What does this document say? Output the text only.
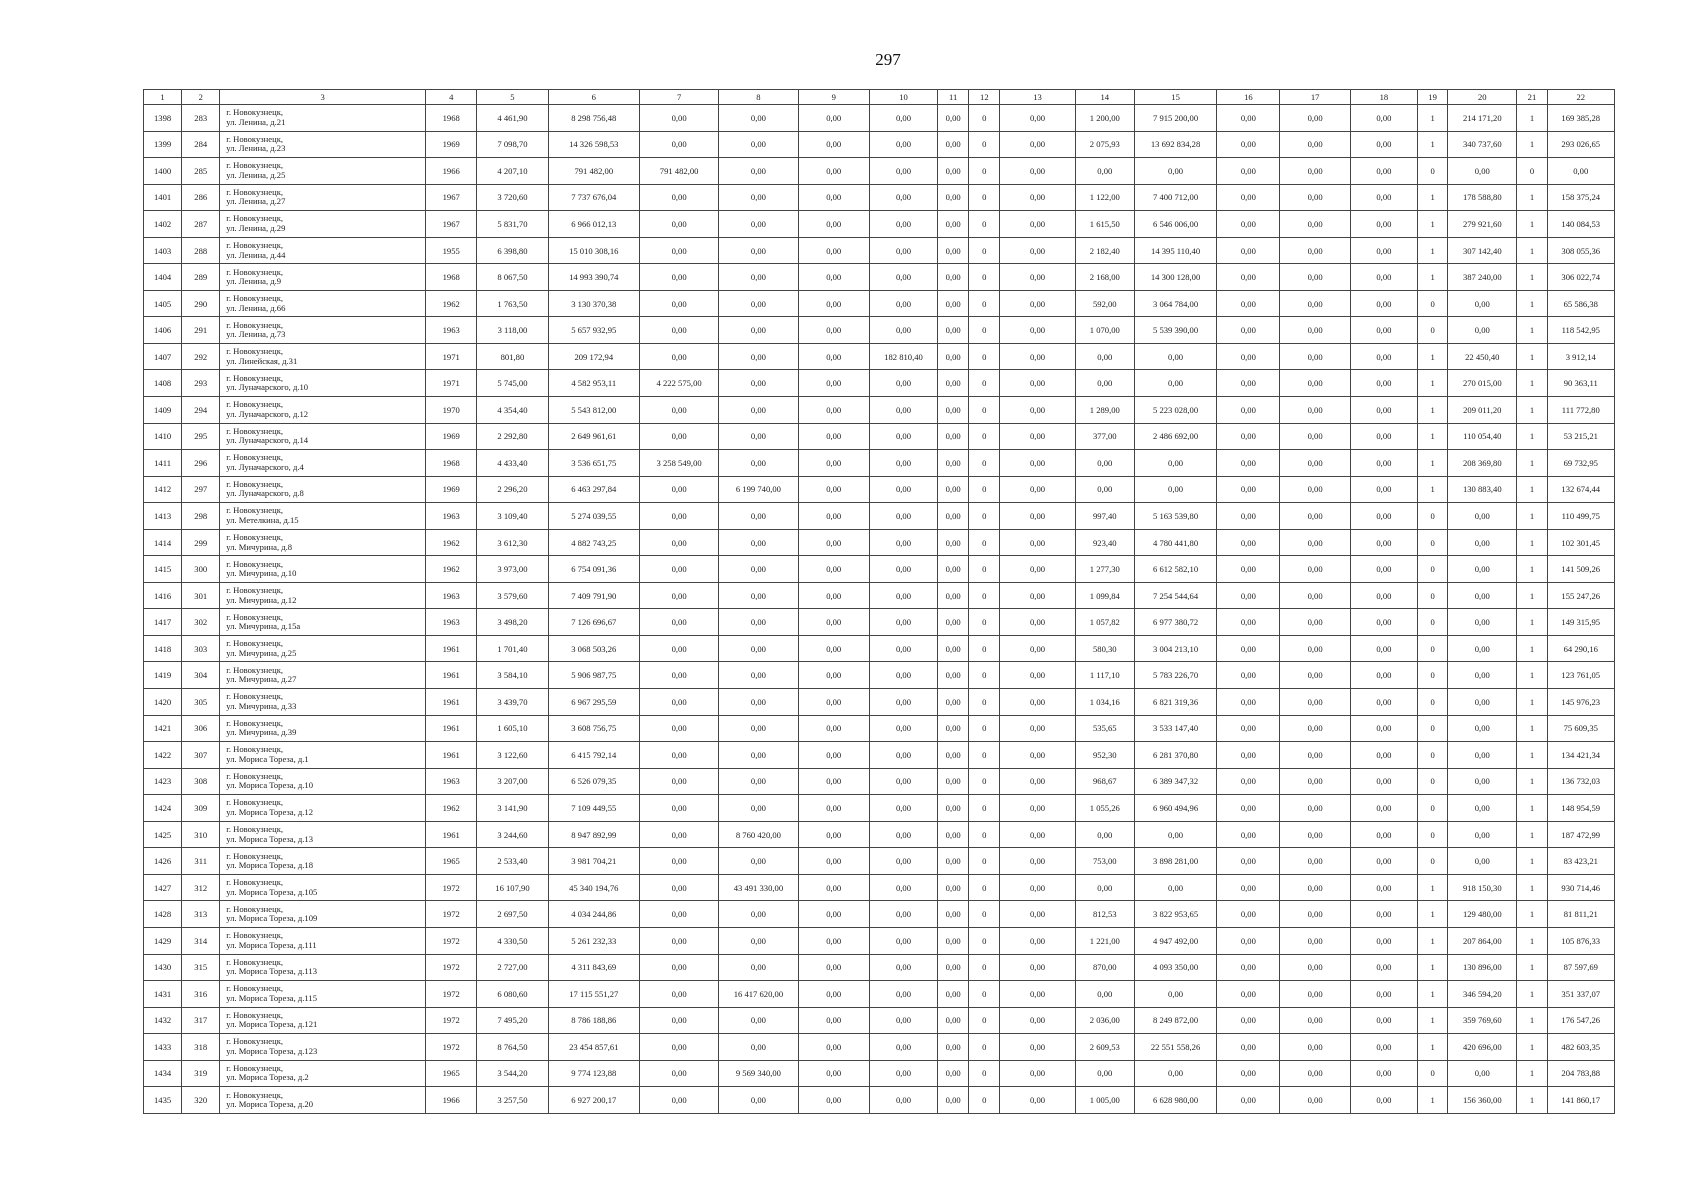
297
1	2	3	4	5	6	7	8	9	10	11	12	13	14	15	16	17	18	19	20	21	22
1398	283	г. Новокузнецк,
ул. Ленина, д.21	1968	4 461,90	8 298 756,48	0,00	0,00	0,00	0,00	0,00	0	0,00	1 200,00	7 915 200,00	0,00	0,00	0,00	1	214 171,20	1	169 385,28
1399	284	г. Новокузнецк,
ул. Ленина, д.23	1969	7 098,70	14 326 598,53	0,00	0,00	0,00	0,00	0,00	0	0,00	2 075,93	13 692 834,28	0,00	0,00	0,00	1	340 737,60	1	293 026,65
1400	285	г. Новокузнецк,
ул. Ленина, д.25	1966	4 207,10	791 482,00	791 482,00	0,00	0,00	0,00	0,00	0	0,00	0,00	0,00	0,00	0,00	0,00	0	0,00	0	0,00
1401	286	г. Новокузнецк,
ул. Ленина, д.27	1967	3 720,60	7 737 676,04	0,00	0,00	0,00	0,00	0,00	0	0,00	1 122,00	7 400 712,00	0,00	0,00	0,00	1	178 588,80	1	158 375,24
1402	287	г. Новокузнецк,
ул. Ленина, д.29	1967	5 831,70	6 966 012,13	0,00	0,00	0,00	0,00	0,00	0	0,00	1 615,50	6 546 006,00	0,00	0,00	0,00	1	279 921,60	1	140 084,53
1403	288	г. Новокузнецк,
ул. Ленина, д.44	1955	6 398,80	15 010 308,16	0,00	0,00	0,00	0,00	0,00	0	0,00	2 182,40	14 395 110,40	0,00	0,00	0,00	1	307 142,40	1	308 055,36
1404	289	г. Новокузнецк,
ул. Ленина, д.9	1968	8 067,50	14 993 390,74	0,00	0,00	0,00	0,00	0,00	0	0,00	2 168,00	14 300 128,00	0,00	0,00	0,00	1	387 240,00	1	306 022,74
1405	290	г. Новокузнецк,
ул. Ленина, д.66	1962	1 763,50	3 130 370,38	0,00	0,00	0,00	0,00	0,00	0	0,00	592,00	3 064 784,00	0,00	0,00	0,00	0	0,00	1	65 586,38
1406	291	г. Новокузнецк,
ул. Ленина, д.73	1963	3 118,00	5 657 932,95	0,00	0,00	0,00	0,00	0,00	0	0,00	1 070,00	5 539 390,00	0,00	0,00	0,00	0	0,00	1	118 542,95
1407	292	г. Новокузнецк,
ул. Линейская, д.31	1971	801,80	209 172,94	0,00	0,00	0,00	182 810,40	0,00	0	0,00	0,00	0,00	0,00	0,00	0,00	1	22 450,40	1	3 912,14
1408	293	г. Новокузнецк,
ул. Луначарского, д.10	1971	5 745,00	4 582 953,11	4 222 575,00	0,00	0,00	0,00	0,00	0	0,00	0,00	0,00	0,00	0,00	0,00	1	270 015,00	1	90 363,11
1409	294	г. Новокузнецк,
ул. Луначарского, д.12	1970	4 354,40	5 543 812,00	0,00	0,00	0,00	0,00	0,00	0	0,00	1 289,00	5 223 028,00	0,00	0,00	0,00	1	209 011,20	1	111 772,80
1410	295	г. Новокузнецк,
ул. Луначарского, д.14	1969	2 292,80	2 649 961,61	0,00	0,00	0,00	0,00	0,00	0	0,00	377,00	2 486 692,00	0,00	0,00	0,00	1	110 054,40	1	53 215,21
1411	296	г. Новокузнецк,
ул. Луначарского, д.4	1968	4 433,40	3 536 651,75	3 258 549,00	0,00	0,00	0,00	0,00	0	0,00	0,00	0,00	0,00	0,00	0,00	1	208 369,80	1	69 732,95
1412	297	г. Новокузнецк,
ул. Луначарского, д.8	1969	2 296,20	6 463 297,84	0,00	6 199 740,00	0,00	0,00	0,00	0	0,00	0,00	0,00	0,00	0,00	0,00	1	130 883,40	1	132 674,44
1413	298	г. Новокузнецк,
ул. Метелкина, д.15	1963	3 109,40	5 274 039,55	0,00	0,00	0,00	0,00	0,00	0	0,00	997,40	5 163 539,80	0,00	0,00	0,00	0	0,00	1	110 499,75
1414	299	г. Новокузнецк,
ул. Мичурина, д.8	1962	3 612,30	4 882 743,25	0,00	0,00	0,00	0,00	0,00	0	0,00	923,40	4 780 441,80	0,00	0,00	0,00	0	0,00	1	102 301,45
1415	300	г. Новокузнецк,
ул. Мичурина, д.10	1962	3 973,00	6 754 091,36	0,00	0,00	0,00	0,00	0,00	0	0,00	1 277,30	6 612 582,10	0,00	0,00	0,00	0	0,00	1	141 509,26
1416	301	г. Новокузнецк,
ул. Мичурина, д.12	1963	3 579,60	7 409 791,90	0,00	0,00	0,00	0,00	0,00	0	0,00	1 099,84	7 254 544,64	0,00	0,00	0,00	0	0,00	1	155 247,26
1417	302	г. Новокузнецк,
ул. Мичурина, д.15а	1963	3 498,20	7 126 696,67	0,00	0,00	0,00	0,00	0,00	0	0,00	1 057,82	6 977 380,72	0,00	0,00	0,00	0	0,00	1	149 315,95
1418	303	г. Новокузнецк,
ул. Мичурина, д.25	1961	1 701,40	3 068 503,26	0,00	0,00	0,00	0,00	0,00	0	0,00	580,30	3 004 213,10	0,00	0,00	0,00	0	0,00	1	64 290,16
1419	304	г. Новокузнецк,
ул. Мичурина, д.27	1961	3 584,10	5 906 987,75	0,00	0,00	0,00	0,00	0,00	0	0,00	1 117,10	5 783 226,70	0,00	0,00	0,00	0	0,00	1	123 761,05
1420	305	г. Новокузнецк,
ул. Мичурина, д.33	1961	3 439,70	6 967 295,59	0,00	0,00	0,00	0,00	0,00	0	0,00	1 034,16	6 821 319,36	0,00	0,00	0,00	0	0,00	1	145 976,23
1421	306	г. Новокузнецк,
ул. Мичурина, д.39	1961	1 605,10	3 608 756,75	0,00	0,00	0,00	0,00	0,00	0	0,00	535,65	3 533 147,40	0,00	0,00	0,00	0	0,00	1	75 609,35
1422	307	г. Новокузнецк,
ул. Мориса Тореза, д.1	1961	3 122,60	6 415 792,14	0,00	0,00	0,00	0,00	0,00	0	0,00	952,30	6 281 370,80	0,00	0,00	0,00	0	0,00	1	134 421,34
1423	308	г. Новокузнецк,
ул. Мориса Тореза, д.10	1963	3 207,00	6 526 079,35	0,00	0,00	0,00	0,00	0,00	0	0,00	968,67	6 389 347,32	0,00	0,00	0,00	0	0,00	1	136 732,03
1424	309	г. Новокузнецк,
ул. Мориса Тореза, д.12	1962	3 141,90	7 109 449,55	0,00	0,00	0,00	0,00	0,00	0	0,00	1 055,26	6 960 494,96	0,00	0,00	0,00	0	0,00	1	148 954,59
1425	310	г. Новокузнецк,
ул. Мориса Тореза, д.13	1961	3 244,60	8 947 892,99	0,00	8 760 420,00	0,00	0,00	0,00	0	0,00	0,00	0,00	0,00	0,00	0,00	0	0,00	1	187 472,99
1426	311	г. Новокузнецк,
ул. Мориса Тореза, д.18	1965	2 533,40	3 981 704,21	0,00	0,00	0,00	0,00	0,00	0	0,00	753,00	3 898 281,00	0,00	0,00	0,00	0	0,00	1	83 423,21
1427	312	г. Новокузнецк,
ул. Мориса Тореза, д.105	1972	16 107,90	45 340 194,76	0,00	43 491 330,00	0,00	0,00	0,00	0	0,00	0,00	0,00	0,00	0,00	0,00	1	918 150,30	1	930 714,46
1428	313	г. Новокузнецк,
ул. Мориса Тореза, д.109	1972	2 697,50	4 034 244,86	0,00	0,00	0,00	0,00	0,00	0	0,00	812,53	3 822 953,65	0,00	0,00	0,00	1	129 480,00	1	81 811,21
1429	314	г. Новокузнецк,
ул. Мориса Тореза, д.111	1972	4 330,50	5 261 232,33	0,00	0,00	0,00	0,00	0,00	0	0,00	1 221,00	4 947 492,00	0,00	0,00	0,00	1	207 864,00	1	105 876,33
1430	315	г. Новокузнецк,
ул. Мориса Тореза, д.113	1972	2 727,00	4 311 843,69	0,00	0,00	0,00	0,00	0,00	0	0,00	870,00	4 093 350,00	0,00	0,00	0,00	1	130 896,00	1	87 597,69
1431	316	г. Новокузнецк,
ул. Мориса Тореза, д.115	1972	6 080,60	17 115 551,27	0,00	16 417 620,00	0,00	0,00	0,00	0	0,00	0,00	0,00	0,00	0,00	0,00	1	346 594,20	1	351 337,07
1432	317	г. Новокузнецк,
ул. Мориса Тореза, д.121	1972	7 495,20	8 786 188,86	0,00	0,00	0,00	0,00	0,00	0	0,00	2 036,00	8 249 872,00	0,00	0,00	0,00	1	359 769,60	1	176 547,26
1433	318	г. Новокузнецк,
ул. Мориса Тореза, д.123	1972	8 764,50	23 454 857,61	0,00	0,00	0,00	0,00	0,00	0	0,00	2 609,53	22 551 558,26	0,00	0,00	0,00	1	420 696,00	1	482 603,35
1434	319	г. Новокузнецк,
ул. Мориса Тореза, д.2	1965	3 544,20	9 774 123,88	0,00	9 569 340,00	0,00	0,00	0,00	0	0,00	0,00	0,00	0,00	0,00	0,00	0	0,00	1	204 783,88
1435	320	г. Новокузнецк,
ул. Мориса Тореза, д.20	1966	3 257,50	6 927 200,17	0,00	0,00	0,00	0,00	0,00	0	0,00	1 005,00	6 628 980,00	0,00	0,00	0,00	1	156 360,00	1	141 860,17
